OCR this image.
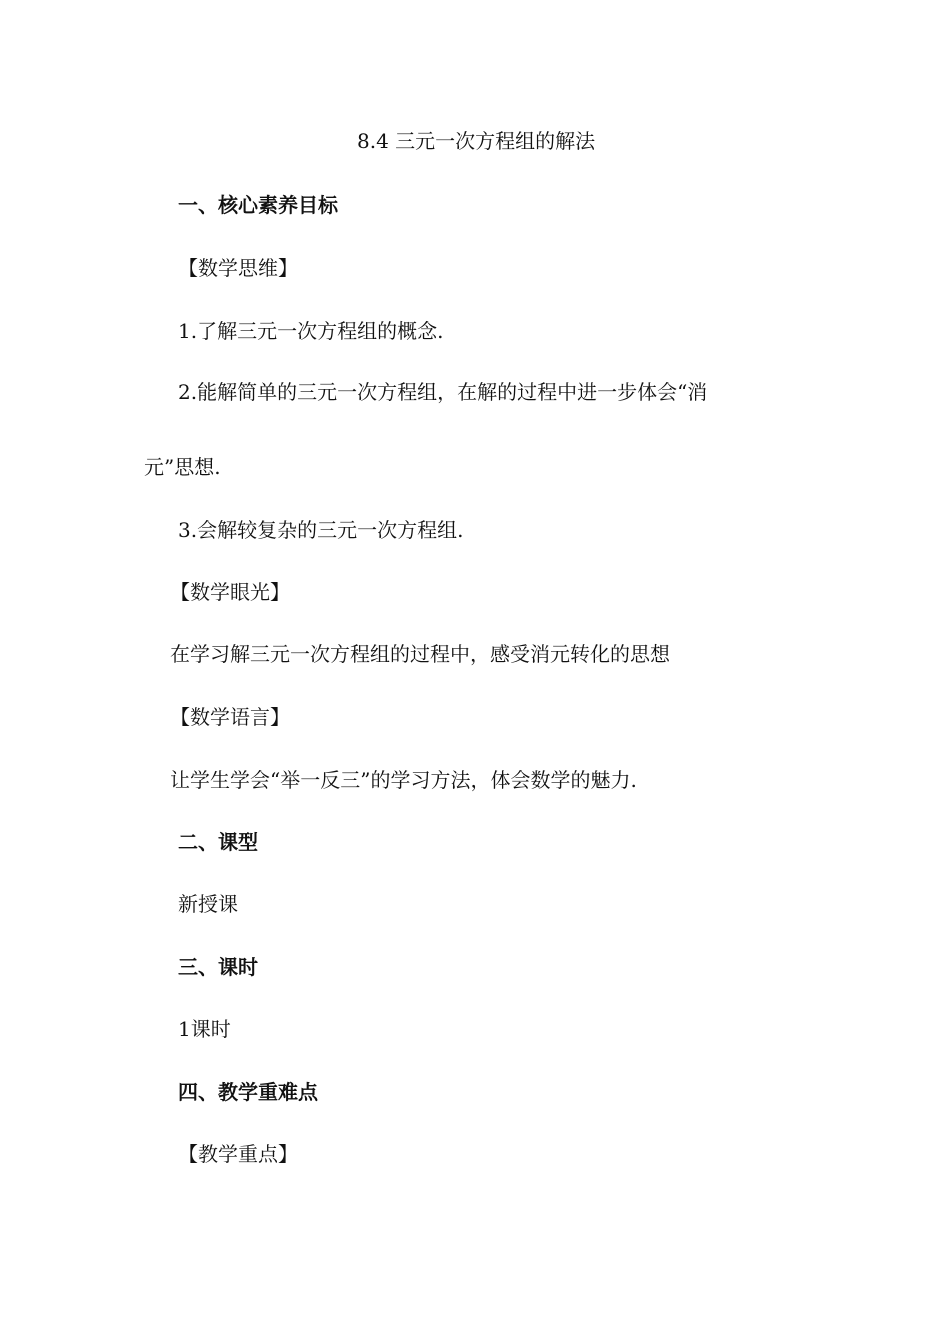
8.4 三元一次方程组的解法
一、核心素养目标
【数学思维】
1.了解三元一次方程组的概念.
2.能解简单的三元一次方程组，在解的过程中进一步体会“消
元”思想.
3.会解较复杂的三元一次方程组.
【数学眼光】
在学习解三元一次方程组的过程中，感受消元转化的思想
【数学语言】
让学生学会“举一反三”的学习方法，体会数学的魅力.
二、课型
新授课
三、课时
1课时
四、教学重难点
【教学重点】
